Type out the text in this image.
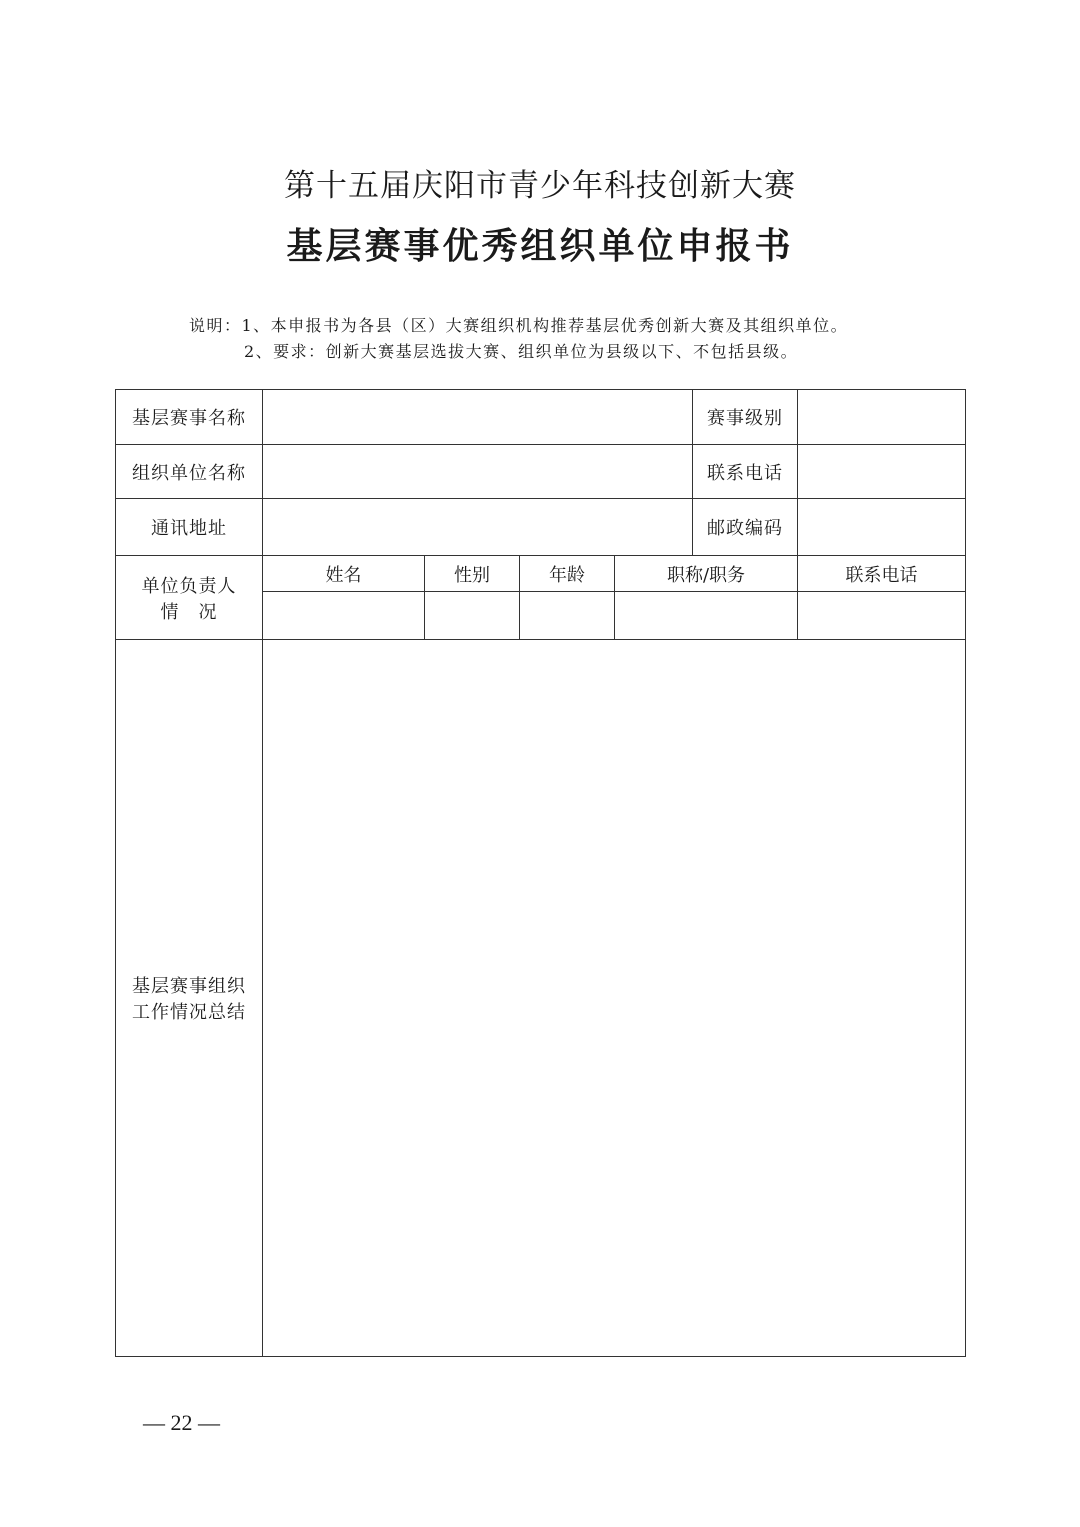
第十五届庆阳市青少年科技创新大赛
基层赛事优秀组织单位申报书
说明：1、本申报书为各县（区）大赛组织机构推荐基层优秀创新大赛及其组织单位。
2、要求：创新大赛基层选拔大赛、组织单位为县级以下、不包括县级。
基层赛事名称					赛事级别	
组织单位名称					联系电话	
通讯地址					邮政编码	

单位负责人
情　况	姓名	性别	年龄	职称/职务		联系电话

基层赛事组织
工作情况总结						

— 22 —
